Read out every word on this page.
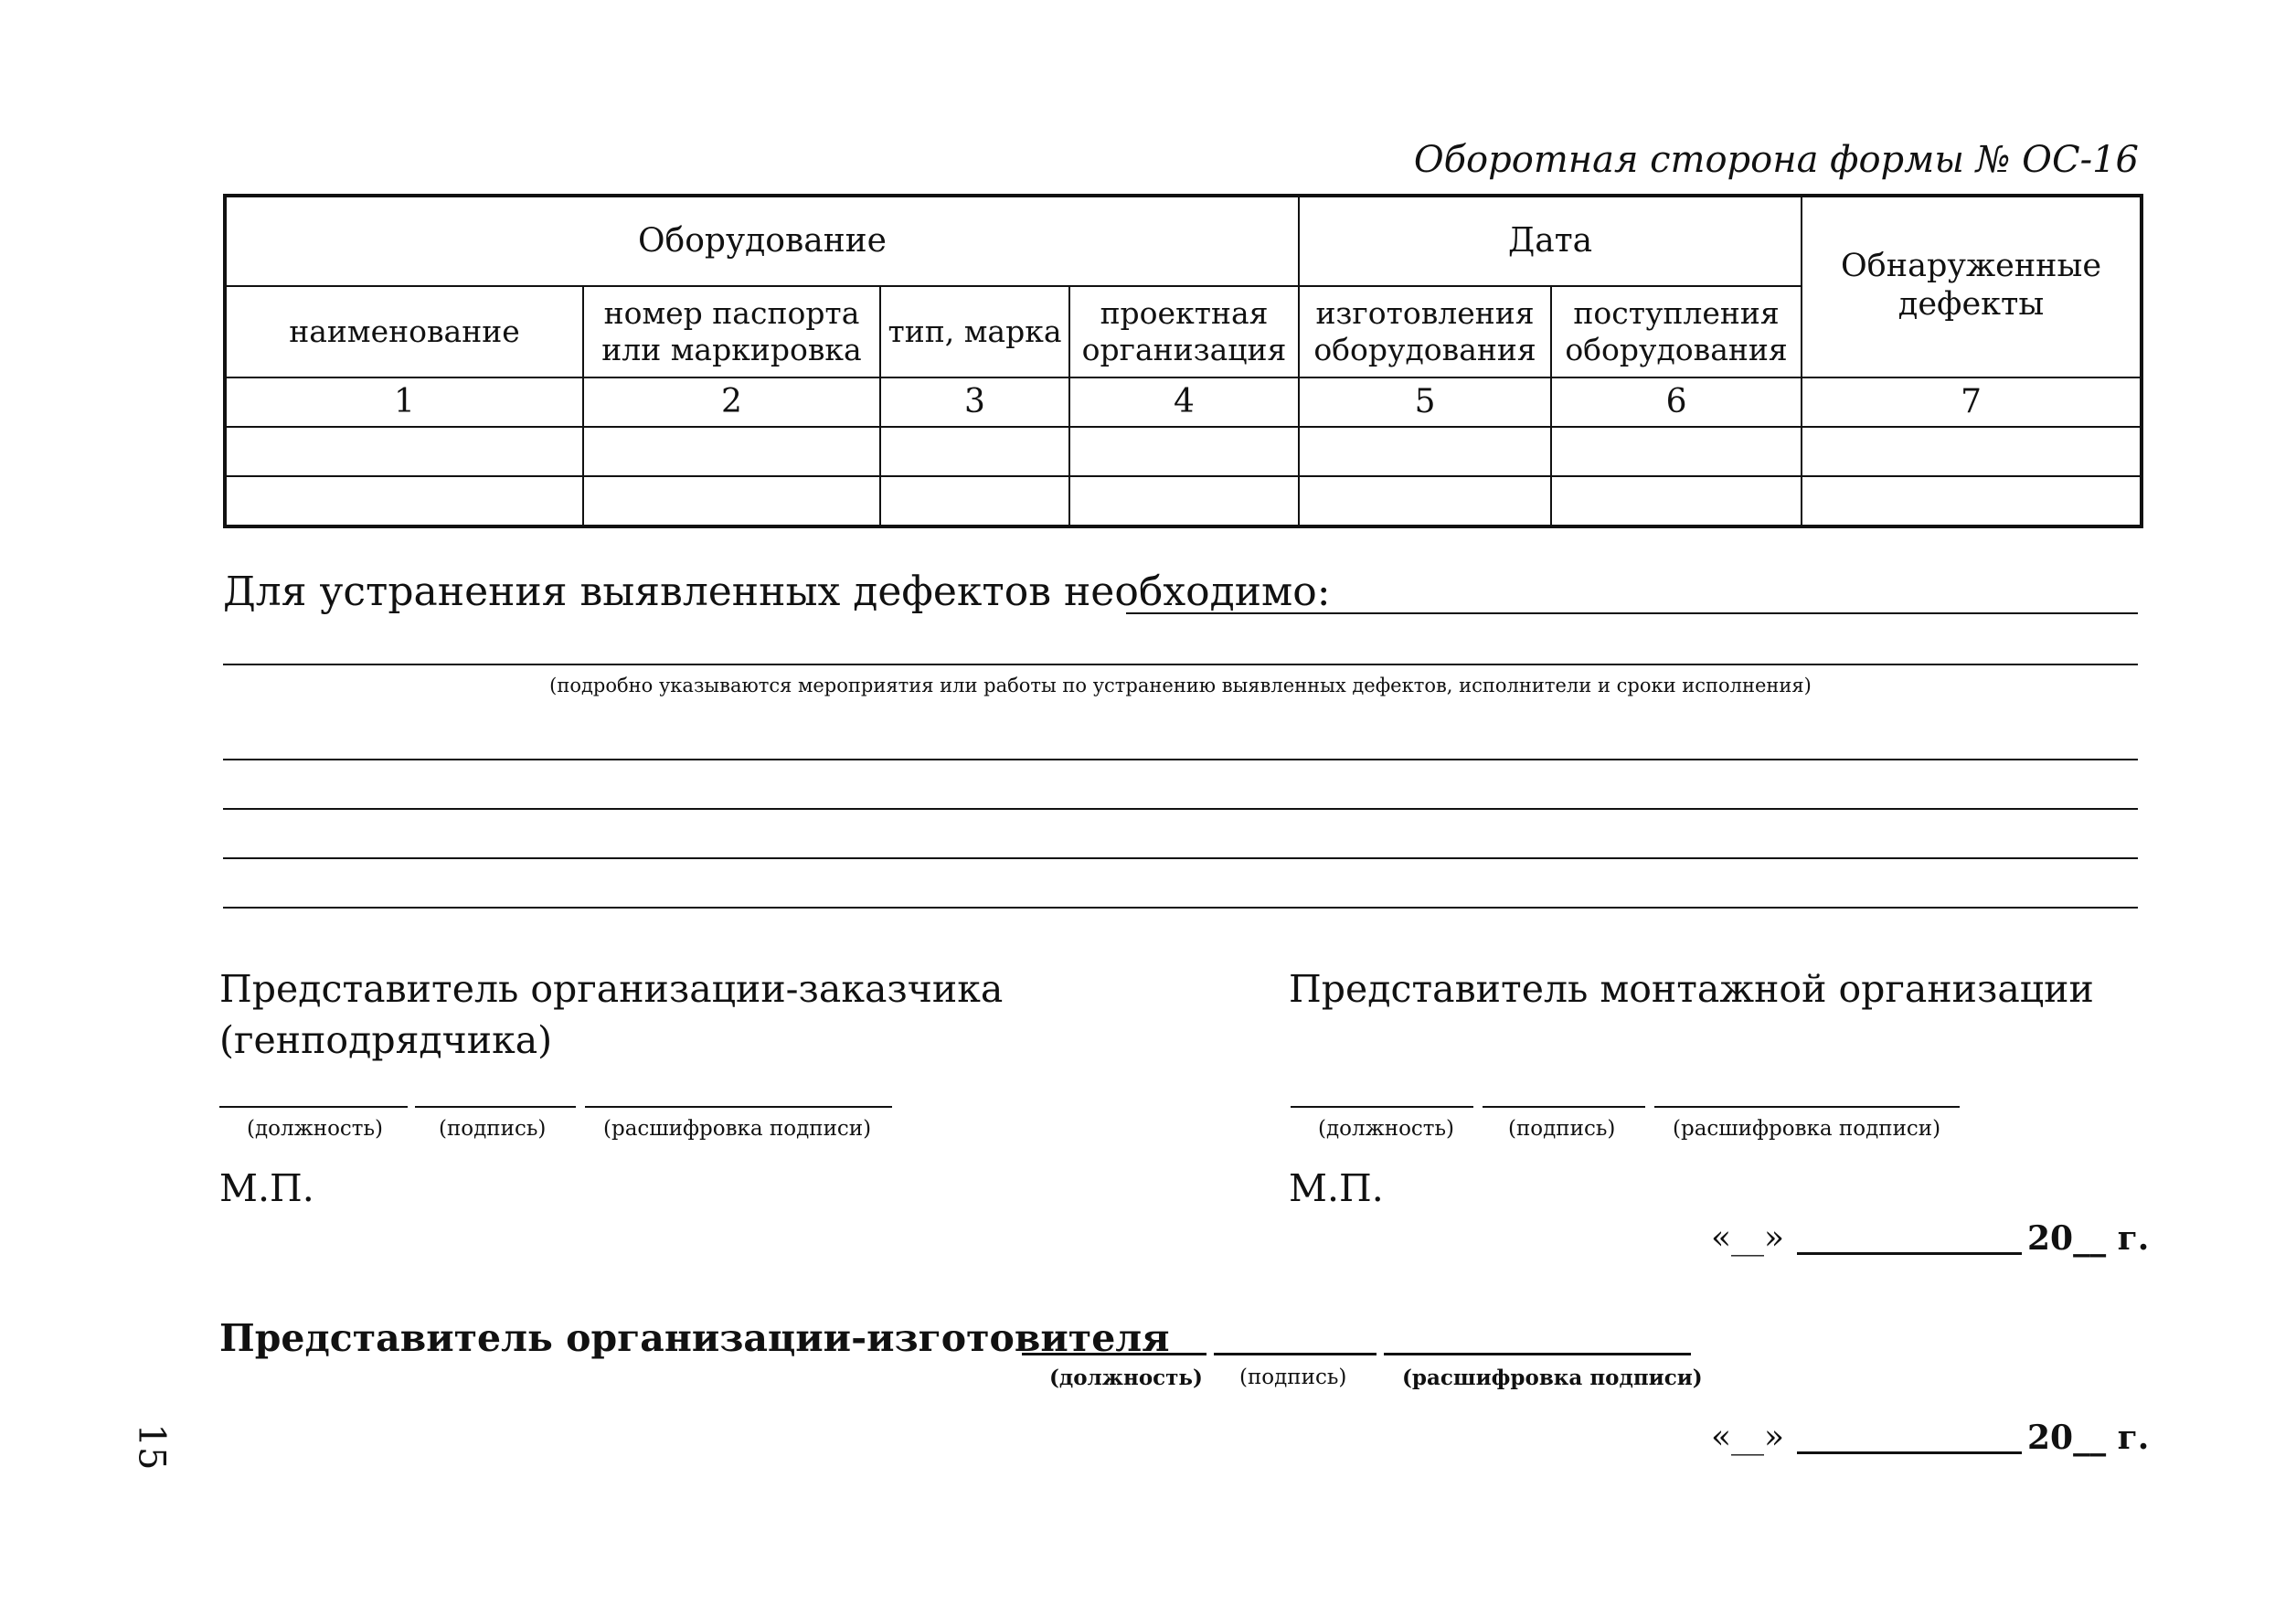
Оборотная сторона формы № ОС-16
Оборудование				Дата		Обнаруженные дефекты
наименование	номер паспорта или маркировка	тип, марка	проектная организация	изготовления оборудования	поступления оборудования	
1	2	3	4	5	6	7

Для устранения выявленных дефектов необходимо:
(подробно указываются мероприятия или работы по устранению выявленных дефектов, исполнители и сроки исполнения)
Представитель организации-заказчика
(генподрядчика)
(должность)	(подпись)	(расшифровка подписи)
М.П.
Представитель монтажной организации
(должность)	(подпись)	(расшифровка подписи)
М.П.
«__»	20__ г.
Представитель организации-изготовителя
(должность) (подпись)	(расшифровка подписи)
«__»	20__ г.
15
